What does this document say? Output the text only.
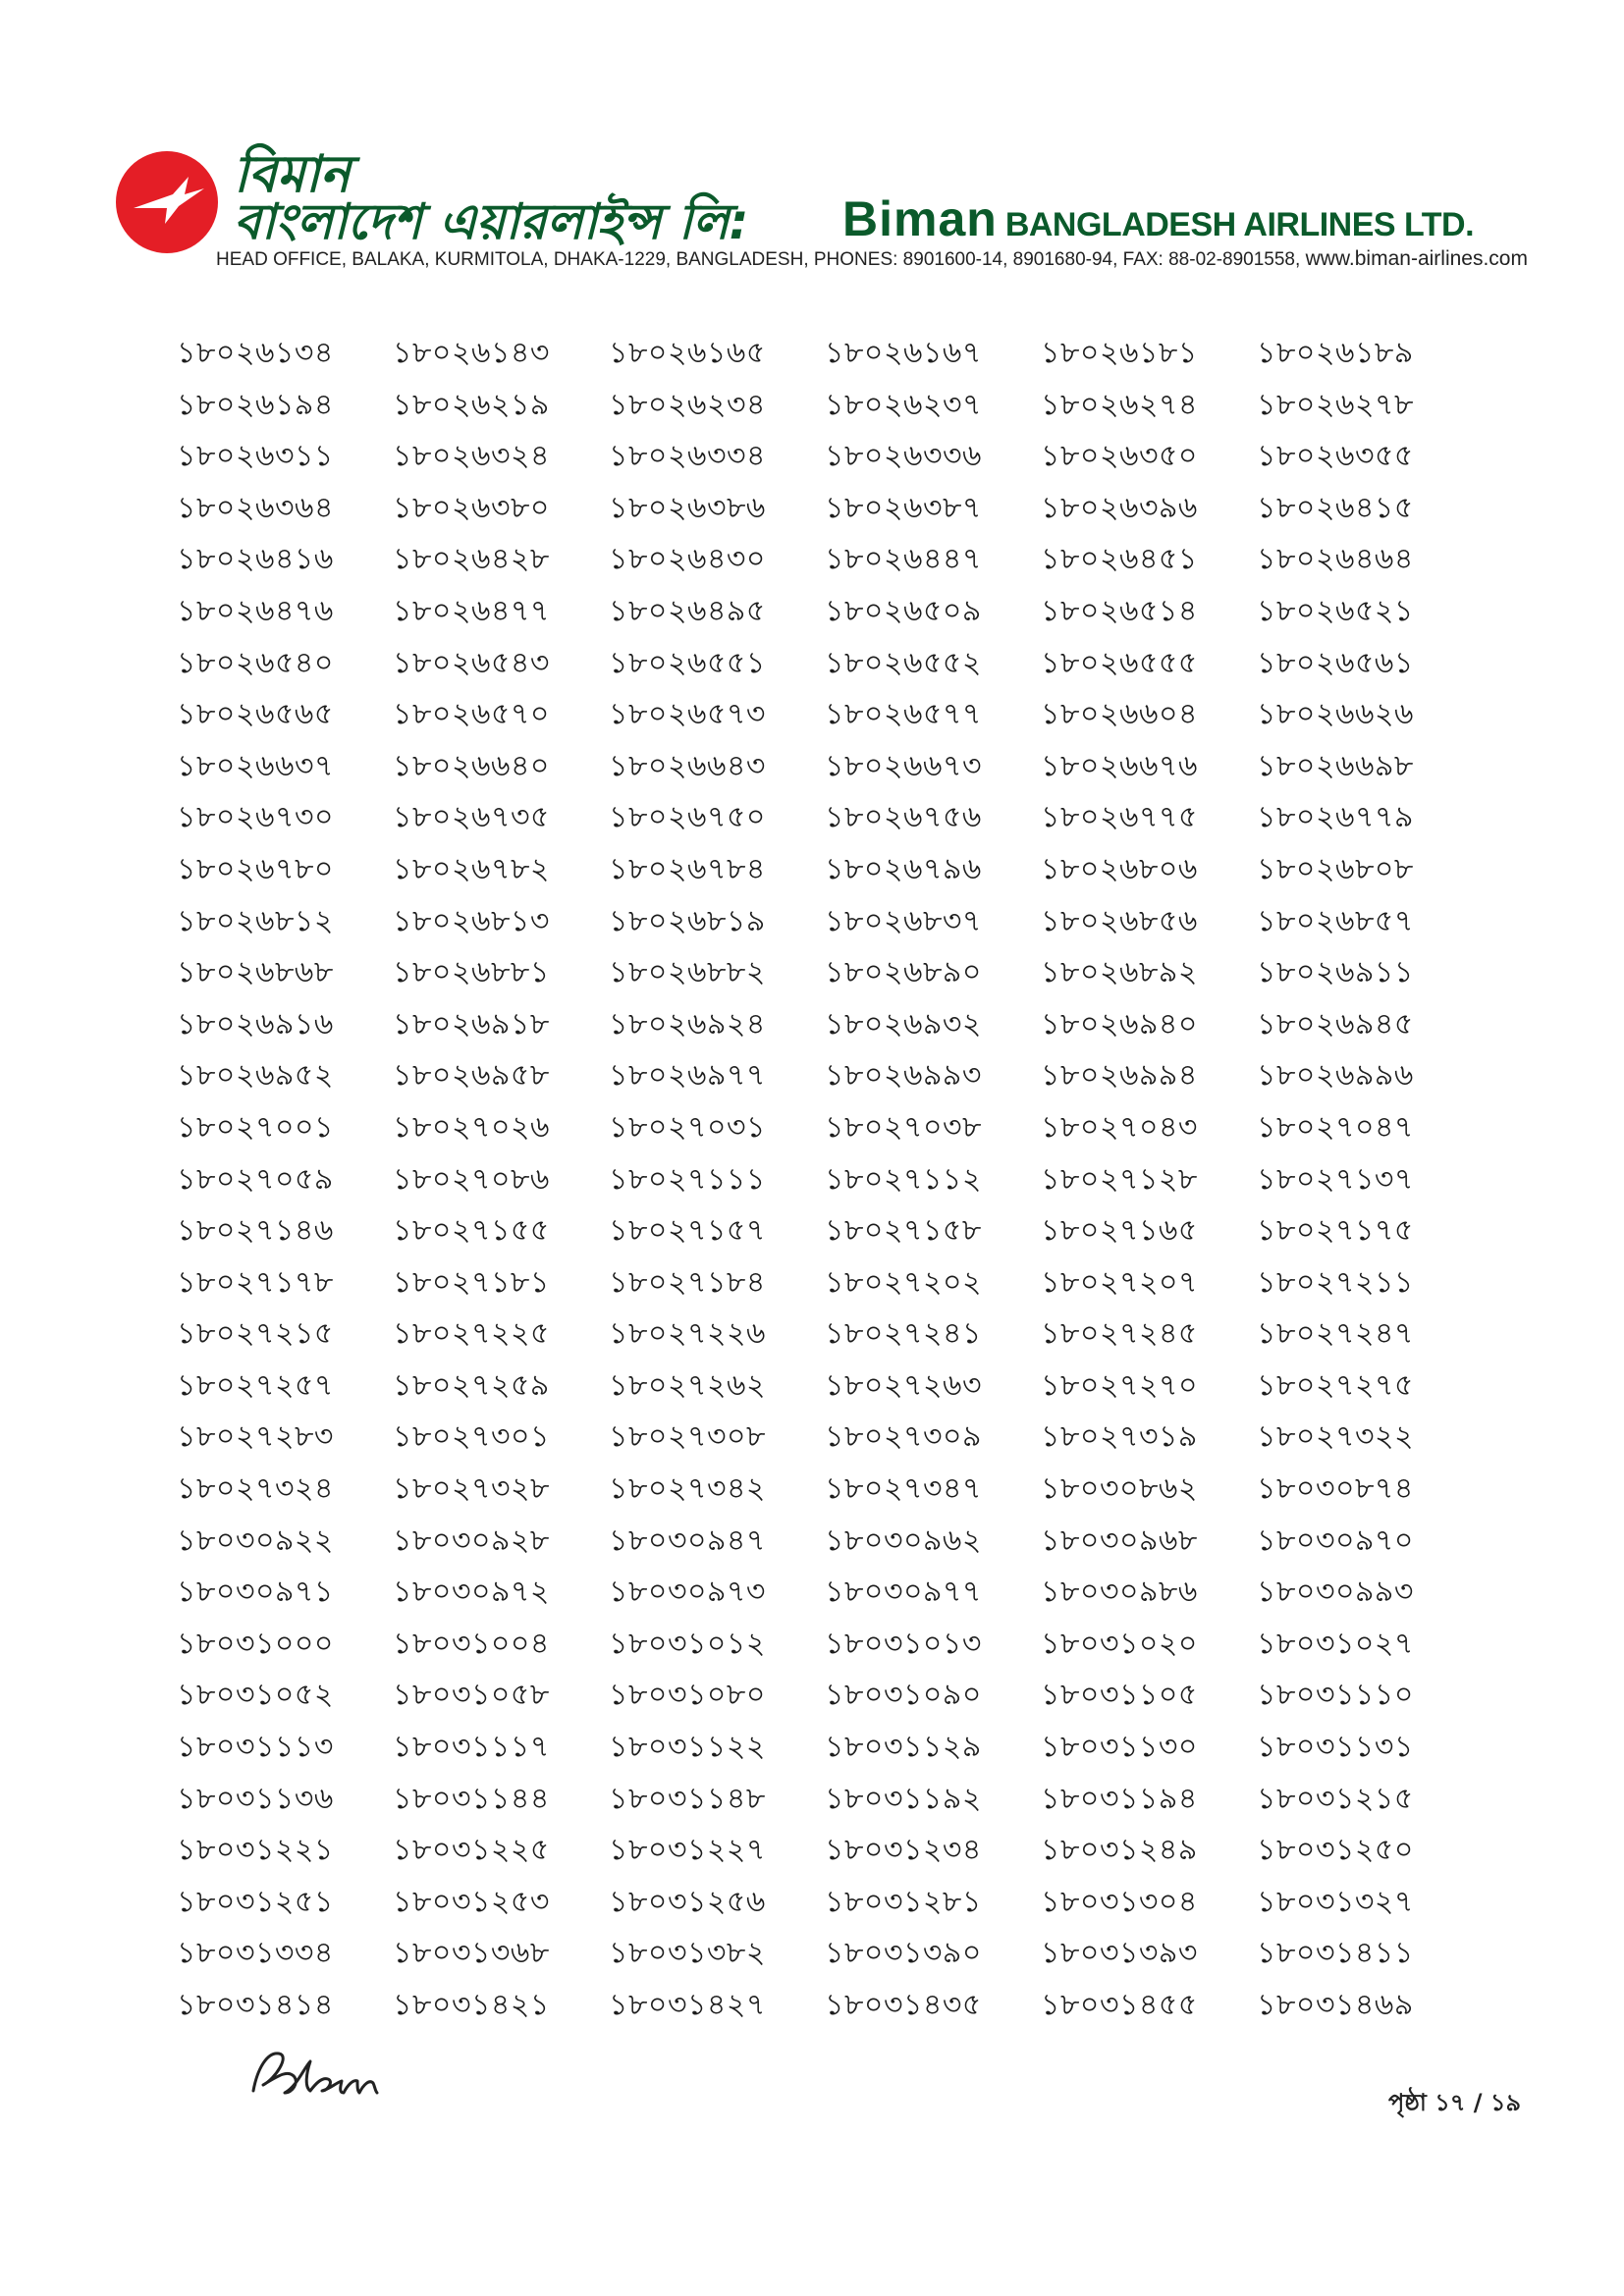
বিমান
বাংলাদেশ এয়ারলাইন্স লি: Biman BANGLADESH AIRLINES LTD.
HEAD OFFICE, BALAKA, KURMITOLA, DHAKA-1229, BANGLADESH, PHONES: 8901600-14, 8901680-94, FAX: 88-02-8901558, www.biman-airlines.com
১৮০২৬১৩৪	১৮০২৬১৪৩	১৮০২৬১৬৫	১৮০২৬১৬৭	১৮০২৬১৮১	১৮০২৬১৮৯
১৮০২৬১৯৪	১৮০২৬২১৯	১৮০২৬২৩৪	১৮০২৬২৩৭	১৮০২৬২৭৪	১৮০২৬২৭৮
১৮০২৬৩১১	১৮০২৬৩২৪	১৮০২৬৩৩৪	১৮০২৬৩৩৬	১৮০২৬৩৫০	১৮০২৬৩৫৫
১৮০২৬৩৬৪	১৮০২৬৩৮০	১৮০২৬৩৮৬	১৮০২৬৩৮৭	১৮০২৬৩৯৬	১৮০২৬৪১৫
১৮০২৬৪১৬	১৮০২৬৪২৮	১৮০২৬৪৩০	১৮০২৬৪৪৭	১৮০২৬৪৫১	১৮০২৬৪৬৪
১৮০২৬৪৭৬	১৮০২৬৪৭৭	১৮০২৬৪৯৫	১৮০২৬৫০৯	১৮০২৬৫১৪	১৮০২৬৫২১
১৮০২৬৫৪০	১৮০২৬৫৪৩	১৮০২৬৫৫১	১৮০২৬৫৫২	১৮০২৬৫৫৫	১৮০২৬৫৬১
১৮০২৬৫৬৫	১৮০২৬৫৭০	১৮০২৬৫৭৩	১৮০২৬৫৭৭	১৮০২৬৬০৪	১৮০২৬৬২৬
১৮০২৬৬৩৭	১৮০২৬৬৪০	১৮০২৬৬৪৩	১৮০২৬৬৭৩	১৮০২৬৬৭৬	১৮০২৬৬৯৮
১৮০২৬৭৩০	১৮০২৬৭৩৫	১৮০২৬৭৫০	১৮০২৬৭৫৬	১৮০২৬৭৭৫	১৮০২৬৭৭৯
১৮০২৬৭৮০	১৮০২৬৭৮২	১৮০২৬৭৮৪	১৮০২৬৭৯৬	১৮০২৬৮০৬	১৮০২৬৮০৮
১৮০২৬৮১২	১৮০২৬৮১৩	১৮০২৬৮১৯	১৮০২৬৮৩৭	১৮০২৬৮৫৬	১৮০২৬৮৫৭
১৮০২৬৮৬৮	১৮০২৬৮৮১	১৮০২৬৮৮২	১৮০২৬৮৯০	১৮০২৬৮৯২	১৮০২৬৯১১
১৮০২৬৯১৬	১৮০২৬৯১৮	১৮০২৬৯২৪	১৮০২৬৯৩২	১৮০২৬৯৪০	১৮০২৬৯৪৫
১৮০২৬৯৫২	১৮০২৬৯৫৮	১৮০২৬৯৭৭	১৮০২৬৯৯৩	১৮০২৬৯৯৪	১৮০২৬৯৯৬
১৮০২৭০০১	১৮০২৭০২৬	১৮০২৭০৩১	১৮০২৭০৩৮	১৮০২৭০৪৩	১৮০২৭০৪৭
১৮০২৭০৫৯	১৮০২৭০৮৬	১৮০২৭১১১	১৮০২৭১১২	১৮০২৭১২৮	১৮০২৭১৩৭
১৮০২৭১৪৬	১৮০২৭১৫৫	১৮০২৭১৫৭	১৮০২৭১৫৮	১৮০২৭১৬৫	১৮০২৭১৭৫
১৮০২৭১৭৮	১৮০২৭১৮১	১৮০২৭১৮৪	১৮০২৭২০২	১৮০২৭২০৭	১৮০২৭২১১
১৮০২৭২১৫	১৮০২৭২২৫	১৮০২৭২২৬	১৮০২৭২৪১	১৮০২৭২৪৫	১৮০২৭২৪৭
১৮০২৭২৫৭	১৮০২৭২৫৯	১৮০২৭২৬২	১৮০২৭২৬৩	১৮০২৭২৭০	১৮০২৭২৭৫
১৮০২৭২৮৩	১৮০২৭৩০১	১৮০২৭৩০৮	১৮০২৭৩০৯	১৮০২৭৩১৯	১৮০২৭৩২২
১৮০২৭৩২৪	১৮০২৭৩২৮	১৮০২৭৩৪২	১৮০২৭৩৪৭	১৮০৩০৮৬২	১৮০৩০৮৭৪
১৮০৩০৯২২	১৮০৩০৯২৮	১৮০৩০৯৪৭	১৮০৩০৯৬২	১৮০৩০৯৬৮	১৮০৩০৯৭০
১৮০৩০৯৭১	১৮০৩০৯৭২	১৮০৩০৯৭৩	১৮০৩০৯৭৭	১৮০৩০৯৮৬	১৮০৩০৯৯৩
১৮০৩১০০০	১৮০৩১০০৪	১৮০৩১০১২	১৮০৩১০১৩	১৮০৩১০২০	১৮০৩১০২৭
১৮০৩১০৫২	১৮০৩১০৫৮	১৮০৩১০৮০	১৮০৩১০৯০	১৮০৩১১০৫	১৮০৩১১১০
১৮০৩১১১৩	১৮০৩১১১৭	১৮০৩১১২২	১৮০৩১১২৯	১৮০৩১১৩০	১৮০৩১১৩১
১৮০৩১১৩৬	১৮০৩১১৪৪	১৮০৩১১৪৮	১৮০৩১১৯২	১৮০৩১১৯৪	১৮০৩১২১৫
১৮০৩১২২১	১৮০৩১২২৫	১৮০৩১২২৭	১৮০৩১২৩৪	১৮০৩১২৪৯	১৮০৩১২৫০
১৮০৩১২৫১	১৮০৩১২৫৩	১৮০৩১২৫৬	১৮০৩১২৮১	১৮০৩১৩০৪	১৮০৩১৩২৭
১৮০৩১৩৩৪	১৮০৩১৩৬৮	১৮০৩১৩৮২	১৮০৩১৩৯০	১৮০৩১৩৯৩	১৮০৩১৪১১
১৮০৩১৪১৪	১৮০৩১৪২১	১৮০৩১৪২৭	১৮০৩১৪৩৫	১৮০৩১৪৫৫	১৮০৩১৪৬৯
পৃষ্ঠা ১৭ / ১৯
